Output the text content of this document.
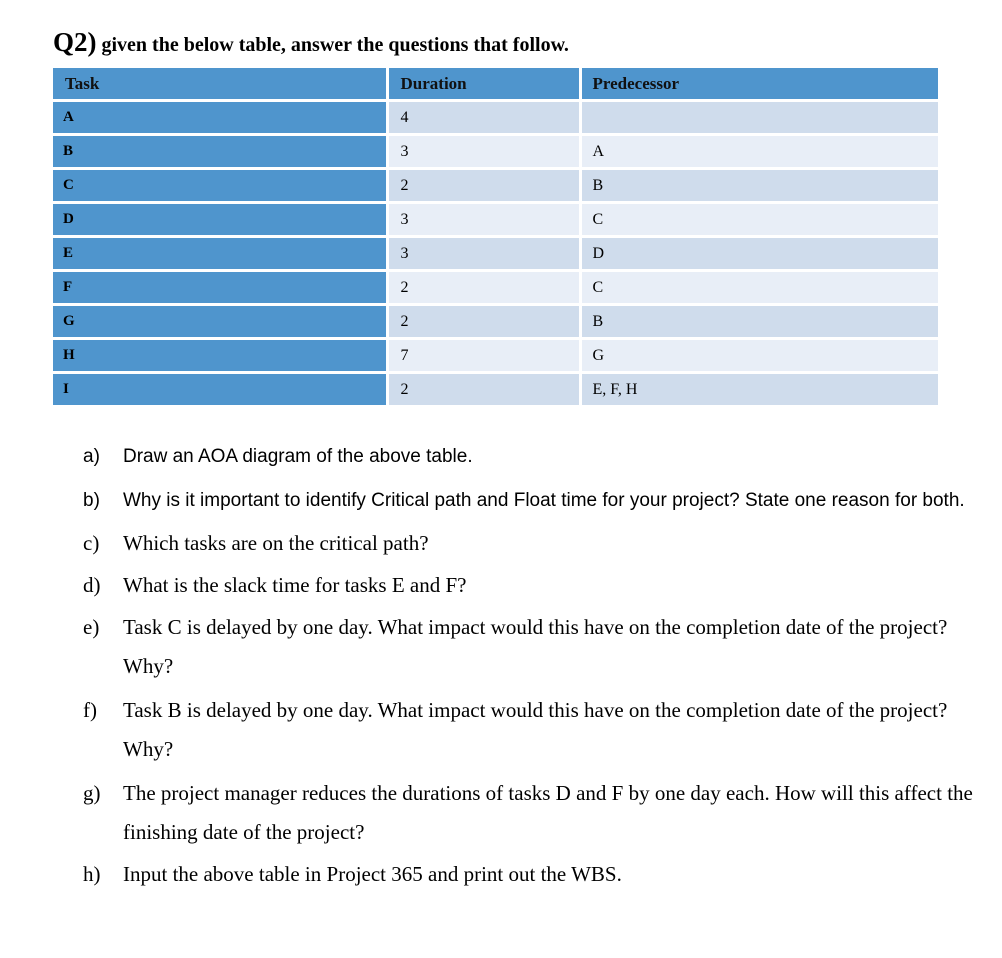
Q2) given the below table, answer the questions that follow.
Task	Duration	Predecessor
A	4	
B	3	A
C	2	B
D	3	C
E	3	D
F	2	C
G	2	B
H	7	G
I	2	E, F, H
a)	Draw an AOA diagram of the above table.
b)	Why is it important to identify Critical path and Float time for your project? State one reason for both.
c)	Which tasks are on the critical path?
d)	What is the slack time for tasks E and F?
e)	Task C is delayed by one day. What impact would this have on the completion date of the project? Why?
f)	Task B is delayed by one day. What impact would this have on the completion date of the project? Why?
g)	The project manager reduces the durations of tasks D and F by one day each. How will this affect the finishing date of the project?
h)	Input the above table in Project 365 and print out the WBS.
